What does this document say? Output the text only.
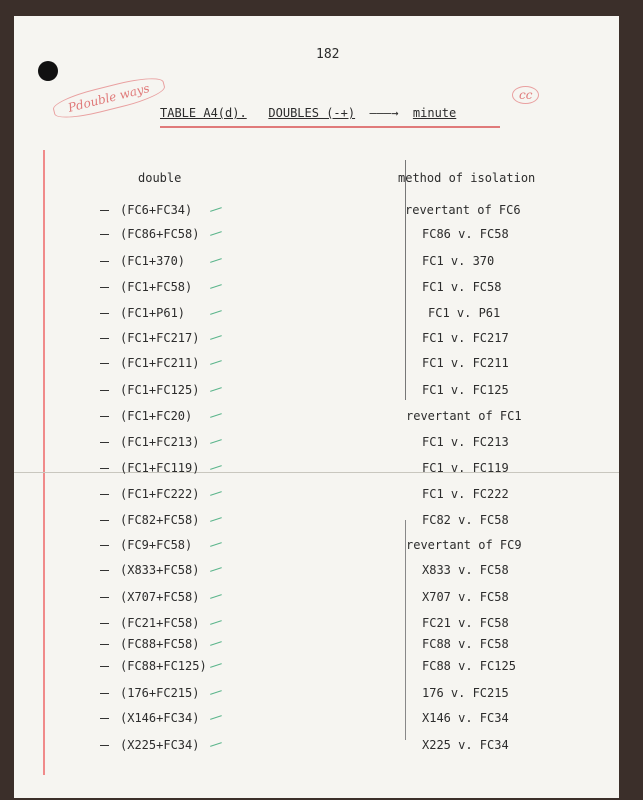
182
Pdouble ways	cc
TABLE A4(d). DOUBLES (-+) ———→ minute
double	method of isolation
(FC6+FC34)	revertant of FC6
(FC86+FC58)	FC86 v. FC58
(FC1+370)	FC1 v. 370
(FC1+FC58)	FC1 v. FC58
(FC1+P61)	FC1 v. P61
(FC1+FC217)	FC1 v. FC217
(FC1+FC211)	FC1 v. FC211
(FC1+FC125)	FC1 v. FC125
(FC1+FC20)	revertant of FC1
(FC1+FC213)	FC1 v. FC213
(FC1+FC119)	FC1 v. FC119
(FC1+FC222)	FC1 v. FC222
(FC82+FC58)	FC82 v. FC58
(FC9+FC58)	revertant of FC9
(X833+FC58)	X833 v. FC58
(X707+FC58)	X707 v. FC58
(FC21+FC58)	FC21 v. FC58
(FC88+FC58)	FC88 v. FC58
(FC88+FC125)	FC88 v. FC125
(176+FC215)	176 v. FC215
(X146+FC34)	X146 v. FC34
(X225+FC34)	X225 v. FC34
